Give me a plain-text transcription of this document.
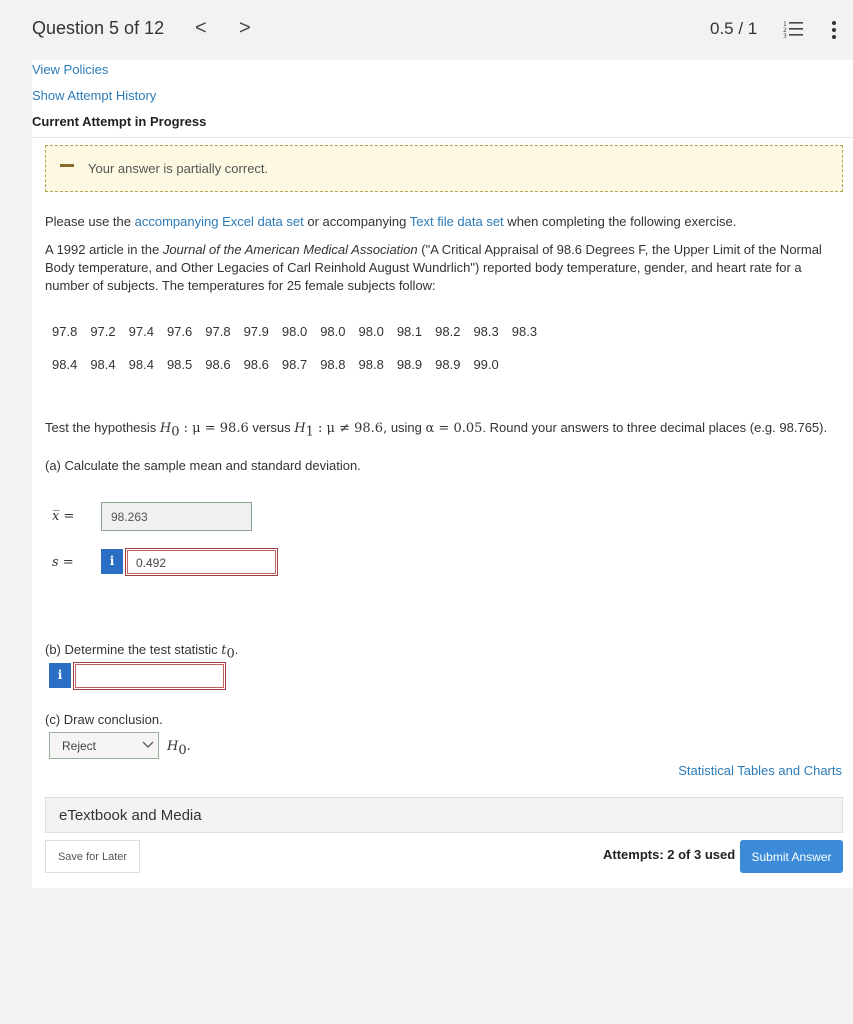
Question 5 of 12 < >	0.5 / 1	1
2
3
View Policies
Show Attempt History
Current Attempt in Progress
Your answer is partially correct.
Please use the accompanying Excel data set or accompanying Text file data set when completing the following exercise.
A 1992 article in the Journal of the American Medical Association ("A Critical Appraisal of 98.6 Degrees F, the Upper Limit of the Normal Body temperature, and Other Legacies of Carl Reinhold August Wundrlich") reported body temperature, gender, and heart rate for a number of subjects. The temperatures for 25 female subjects follow:
97.8 97.2 97.4 97.6 97.8 97.9 98.0 98.0 98.0 98.1 98.2 98.3 98.3
98.4 98.4 98.4 98.5 98.6 98.6 98.7 98.8 98.8 98.9 98.9 99.0
Test the hypothesis $H_0$ : μ = 98.6 versus $H_1$ : μ ≠ 98.6, using α = 0.05. Round your answers to three decimal places (e.g. 98.765).
(a) Calculate the sample mean and standard deviation.
x̅ =	98.263
s =	i	0.492
(b) Determine the test statistic $t_0$.
i
(c) Draw conclusion.
Reject	$H_0$.
Statistical Tables and Charts
eTextbook and Media
Save for Later	Attempts: 2 of 3 used	Submit Answer
